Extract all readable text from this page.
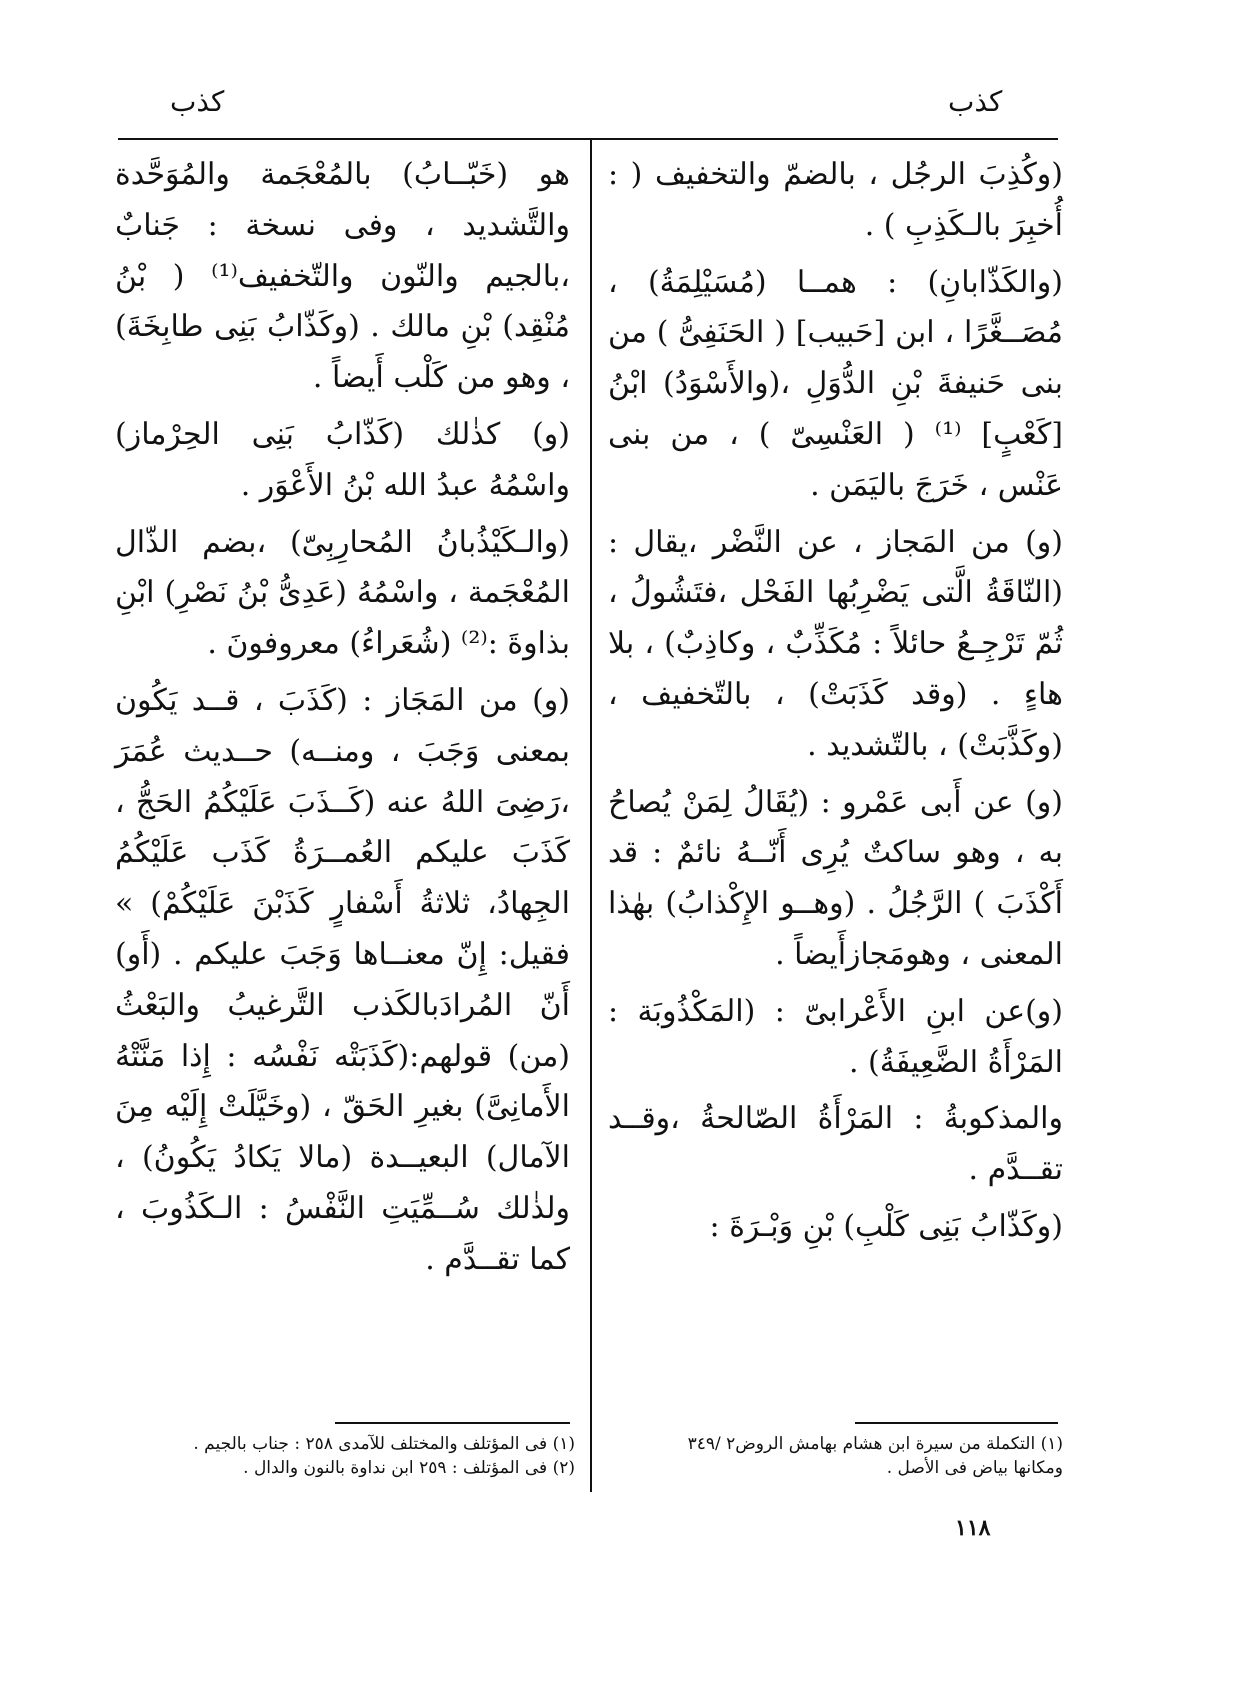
كذب
كذب

(وكُذِبَ الرجُل ، بالضمّ والتخفيف ( : أُخبِرَ بالـكَذِبِ ) .

(والكَذّابانِ) : همــا (مُسَيْلِمَةُ) ، مُصَــغَّرًا ، ابن [حَبيب] ( الحَنَفِىُّ ) من بنى حَنيفةَ بْنِ الدُّوَلِ ،(والأَسْوَدُ) ابْنُ [كَعْبٍ] ⁽¹⁾ ( العَنْسِىّ ) ، من بنى عَنْس ، خَرَجَ باليَمَن .

(و) من المَجاز ، عن النَّضْر ،يقال : (النّاقَةُ الَّتى يَضْرِبُها الفَحْل ،فتَشُولُ ، ثُمّ تَرْجِـعُ حائلاً : مُكَذِّبٌ ، وكاذِبٌ) ، بلا هاءٍ . (وقد كَذَبَتْ) ، بالتّخفيف ، (وكَذَّبَتْ) ، بالتّشديد .

(و) عن أَبى عَمْرو : (يُقَالُ لِمَنْ يُصاحُ به ، وهو ساكتٌ يُرِى أَنّــهُ نائمٌ : قد أَكْذَبَ ) الرَّجُلُ . (وهــو الإِكْذابُ) بهٰذا المعنى ، وهومَجازأَيضاً .

(و)عن ابنِ الأَعْرابىّ : (المَكْذُوبَة : المَرْأَةُ الضَّعِيفَةُ) .

والمذكوبةُ : المَرْأَةُ الصّالحةُ ،وقــد تقــدَّم .

(وكَذّابُ بَنِى كَلْبِ) بْنِ وَبْـرَةَ :

هو (خَبّــابُ) بالمُعْجَمة والمُوَحَّدة والتَّشديد ، وفى نسخة : جَنابٌ ،بالجيم والنّون والتّخفيف⁽¹⁾ ( بْنُ مُنْقِد) بْنِ مالك . (وكَذّابُ بَنِى طابِخَةَ) ، وهو من كَلْب أَيضاً .

(و) كذٰلك (كَذّابُ بَنِى الحِرْماز) واسْمُهُ عبدُ الله بْنُ الأَعْوَر .

(والـكَيْذُبانُ المُحارِبِىّ) ،بضم الذّال المُعْجَمة ، واسْمُهُ (عَدِىُّ بْنُ نَصْرِ) ابْنِ بذاوةَ :⁽²⁾ (شُعَراءُ) معروفونَ .

(و) من المَجَاز : (كَذَبَ ، قــد يَكُون بمعنى وَجَبَ ، ومنــه) حــديث عُمَرَ ،رَضِىَ اللهُ عنه (كَــذَبَ عَلَيْكُمُ الحَجُّ ، كَذَبَ عليكم العُمــرَةُ كَذَب عَلَيْكُمُ الجِهادُ، ثلاثةُ أَسْفارٍ كَذَبْنَ عَلَيْكُمْ) » فقيل: إِنّ معنــاها وَجَبَ عليكم . (أَو) أَنّ المُرادَبالكَذب التَّرغيبُ والبَعْثُ (من) قولهم:(كَذَبَتْه نَفْسُه : إِذا مَنَّتْهُ الأَمانِىَّ) بغيرِ الحَقّ ، (وخَيَّلَتْ إِلَيْه مِنَ الآمال) البعيــدة (مالا يَكادُ يَكُونُ) ، ولذٰلك سُــمِّيَتِ النَّفْسُ : الـكَذُوبَ ، كما تقــدَّم .

(١) التكملة من سيرة ابن هشام بهامش الروض٢ /٣٤٩
ومكانها بياض فى الأصل .
(١) فى المؤتلف والمختلف للآمدى ٢٥٨ : جناب بالجيم .
(٢) فى المؤتلف : ٢٥٩ ابن نداوة بالنون والدال .
١١٨
